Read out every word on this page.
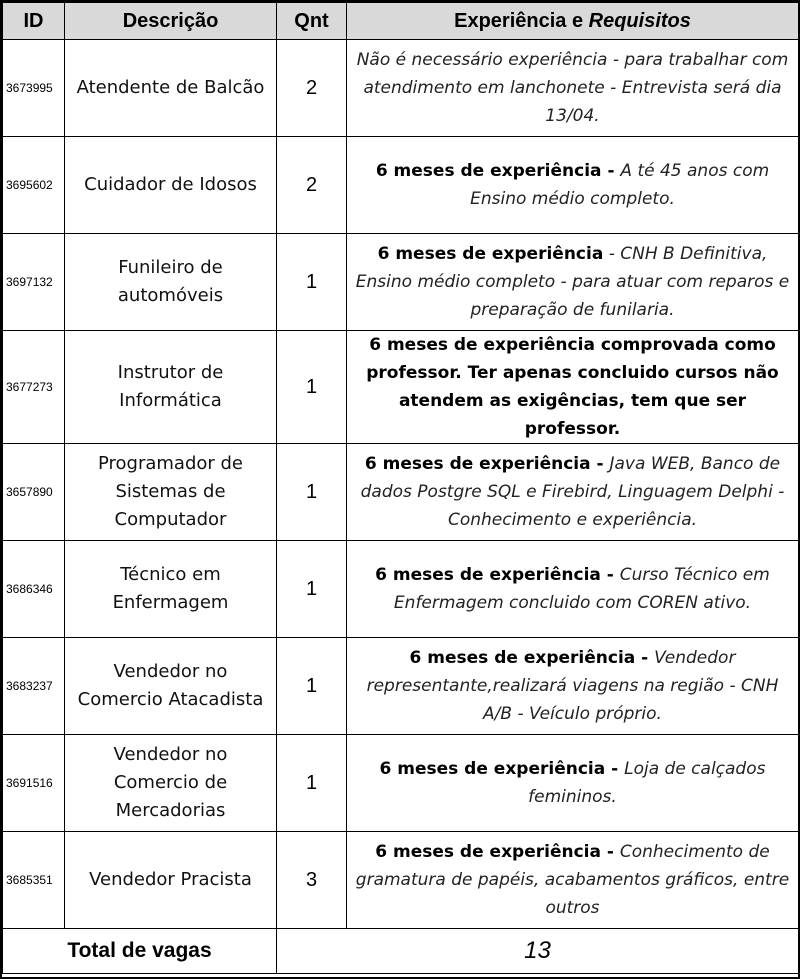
ID	Descrição	Qnt	Experiência e Requisitos
3673995	Atendente de Balcão	2	Não é necessário experiência - para trabalhar com atendimento em lanchonete - Entrevista será dia 13/04.
3695602	Cuidador de Idosos	2	6 meses de experiência - A té 45 anos com Ensino médio completo.
3697132	Funileiro de automóveis	1	6 meses de experiência - CNH B Definitiva, Ensino médio completo - para atuar com reparos e preparação de funilaria.
3677273	Instrutor de Informática	1	6 meses de experiência comprovada como professor. Ter apenas concluido cursos não atendem as exigências, tem que ser professor.
3657890	Programador de Sistemas de Computador	1	6 meses de experiência - Java WEB, Banco de dados Postgre SQL e Firebird, Linguagem Delphi - Conhecimento e experiência.
3686346	Técnico em Enfermagem	1	6 meses de experiência - Curso Técnico em Enfermagem concluido com COREN ativo.
3683237	Vendedor no Comercio Atacadista	1	6 meses de experiência - Vendedor representante,realizará viagens na região - CNH A/B - Veículo próprio.
3691516	Vendedor no Comercio de Mercadorias	1	6 meses de experiência - Loja de calçados femininos.
3685351	Vendedor Pracista	3	6 meses de experiência - Conhecimento de gramatura de papéis, acabamentos gráficos, entre outros
Total de vagas		13	
